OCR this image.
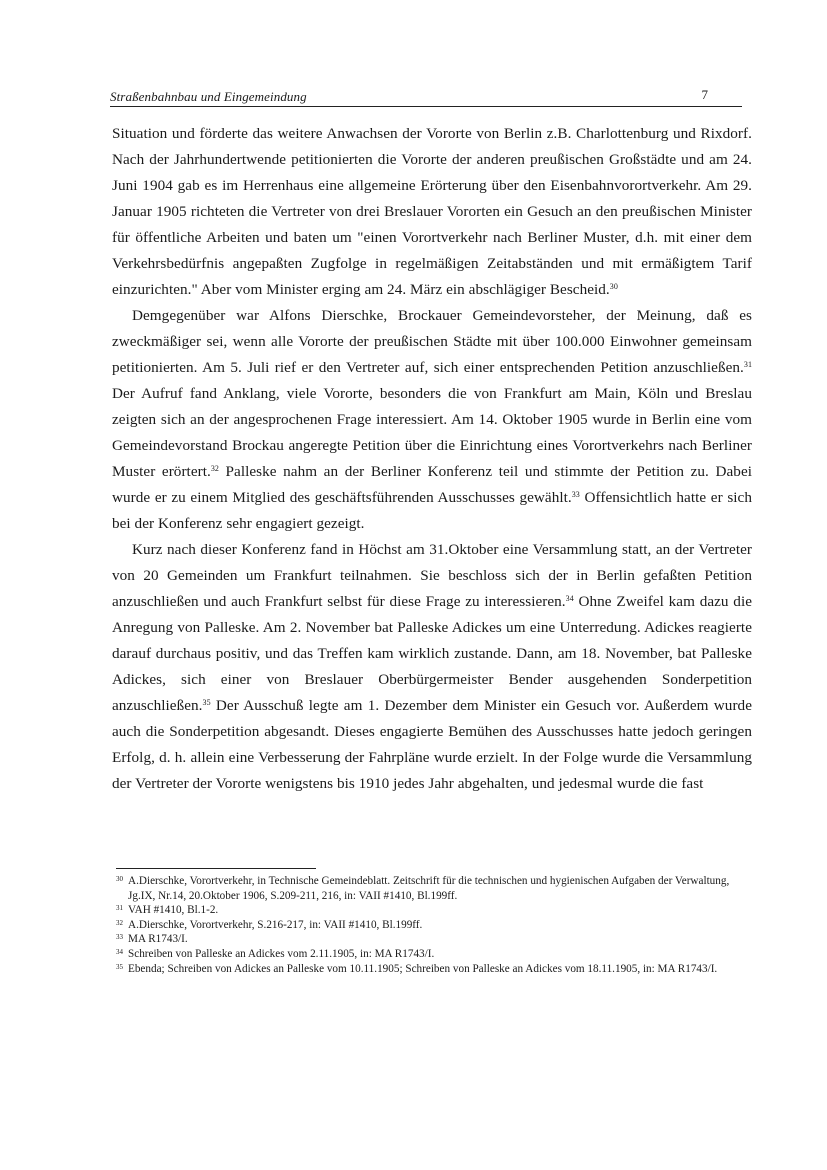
Straßenbahnbau und Eingemeindung	7

Situation und förderte das weitere Anwachsen der Vororte von Berlin z.B. Charlottenburg und Rixdorf. Nach der Jahrhundertwende petitionierten die Vororte der anderen preußischen Großstädte und am 24. Juni 1904 gab es im Herrenhaus eine allgemeine Erörterung über den Eisenbahnvorortverkehr. Am 29. Januar 1905 richteten die Vertreter von drei Breslauer Vororten ein Gesuch an den preußischen Minister für öffentliche Arbeiten und baten um "einen Vorortverkehr nach Berliner Muster, d.h. mit einer dem Verkehrsbedürfnis angepaßten Zugfolge in regelmäßigen Zeitabständen und mit ermäßigtem Tarif einzurichten." Aber vom Minister erging am 24. März ein abschlägiger Bescheid.$^{30}$

Demgegenüber war Alfons Dierschke, Brockauer Gemeindevorsteher, der Meinung, daß es zweckmäßiger sei, wenn alle Vororte der preußischen Städte mit über 100.000 Einwohner gemeinsam petitionierten. Am 5. Juli rief er den Vertreter auf, sich einer entsprechenden Petition anzuschließen.$^{31}$ Der Aufruf fand Anklang, viele Vororte, besonders die von Frankfurt am Main, Köln und Breslau zeigten sich an der angesprochenen Frage interessiert. Am 14. Oktober 1905 wurde in Berlin eine vom Gemeindevorstand Brockau angeregte Petition über die Einrichtung eines Vorortverkehrs nach Berliner Muster erörtert.$^{32}$ Palleske nahm an der Berliner Konferenz teil und stimmte der Petition zu. Dabei wurde er zu einem Mitglied des geschäftsführenden Ausschusses gewählt.$^{33}$ Offensichtlich hatte er sich bei der Konferenz sehr engagiert gezeigt.

Kurz nach dieser Konferenz fand in Höchst am 31.Oktober eine Versammlung statt, an der Vertreter von 20 Gemeinden um Frankfurt teilnahmen. Sie beschloss sich der in Berlin gefaßten Petition anzuschließen und auch Frankfurt selbst für diese Frage zu interessieren.$^{34}$ Ohne Zweifel kam dazu die Anregung von Palleske. Am 2. November bat Palleske Adickes um eine Unterredung. Adickes reagierte darauf durchaus positiv, und das Treffen kam wirklich zustande. Dann, am 18. November, bat Palleske Adickes, sich einer von Breslauer Oberbürgermeister Bender ausgehenden Sonderpetition anzuschließen.$^{35}$ Der Ausschuß legte am 1. Dezember dem Minister ein Gesuch vor. Außerdem wurde auch die Sonderpetition abgesandt. Dieses engagierte Bemühen des Ausschusses hatte jedoch geringen Erfolg, d. h. allein eine Verbesserung der Fahrpläne wurde erzielt. In der Folge wurde die Versammlung der Vertreter der Vororte wenigstens bis 1910 jedes Jahr abgehalten, und jedesmal wurde die fast

$^{30}$ A.Dierschke, Vorortverkehr, in Technische Gemeindeblatt. Zeitschrift für die technischen und hygienischen Aufgaben der Verwaltung, Jg.IX, Nr.14, 20.Oktober 1906, S.209-211, 216, in: VAII #1410, Bl.199ff.
$^{31}$ VAH #1410, Bl.1-2.
$^{32}$ A.Dierschke, Vorortverkehr, S.216-217, in: VAII #1410, Bl.199ff.
$^{33}$ MA R1743/I.
$^{34}$ Schreiben von Palleske an Adickes vom 2.11.1905, in: MA R1743/I.
$^{35}$ Ebenda; Schreiben von Adickes an Palleske vom 10.11.1905; Schreiben von Palleske an Adickes vom 18.11.1905, in: MA R1743/I.
